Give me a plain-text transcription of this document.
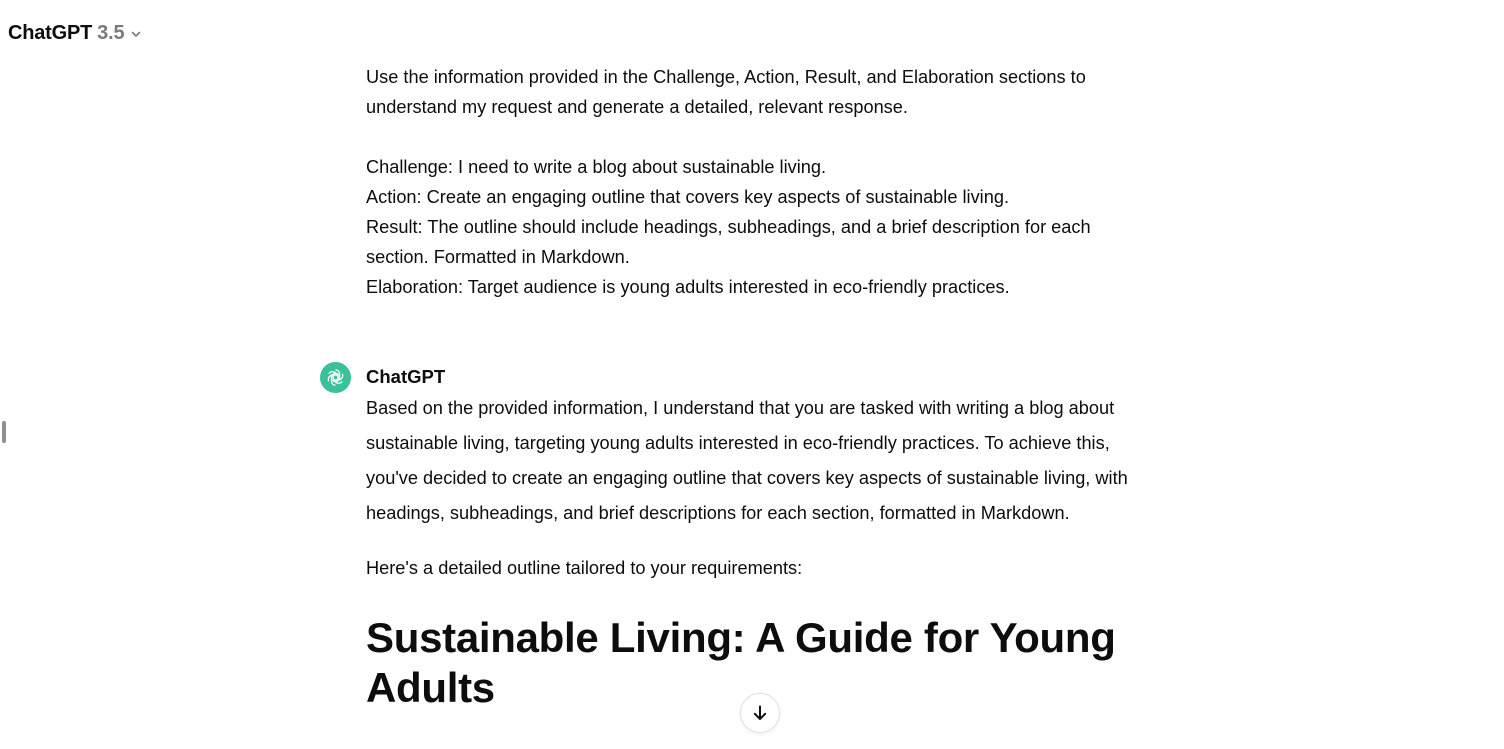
ChatGPT 3.5

Use the information provided in the Challenge, Action, Result, and Elaboration sections to

understand my request and generate a detailed, relevant response.

Challenge: I need to write a blog about sustainable living.

Action: Create an engaging outline that covers key aspects of sustainable living.

Result: The outline should include headings, subheadings, and a brief description for each

section. Formatted in Markdown.

Elaboration: Target audience is young adults interested in eco-friendly practices.

ChatGPT

Based on the provided information, I understand that you are tasked with writing a blog about
sustainable living, targeting young adults interested in eco-friendly practices. To achieve this,
you've decided to create an engaging outline that covers key aspects of sustainable living, with
headings, subheadings, and brief descriptions for each section, formatted in Markdown.

Here's a detailed outline tailored to your requirements:

Sustainable Living: A Guide for Young
Adults
